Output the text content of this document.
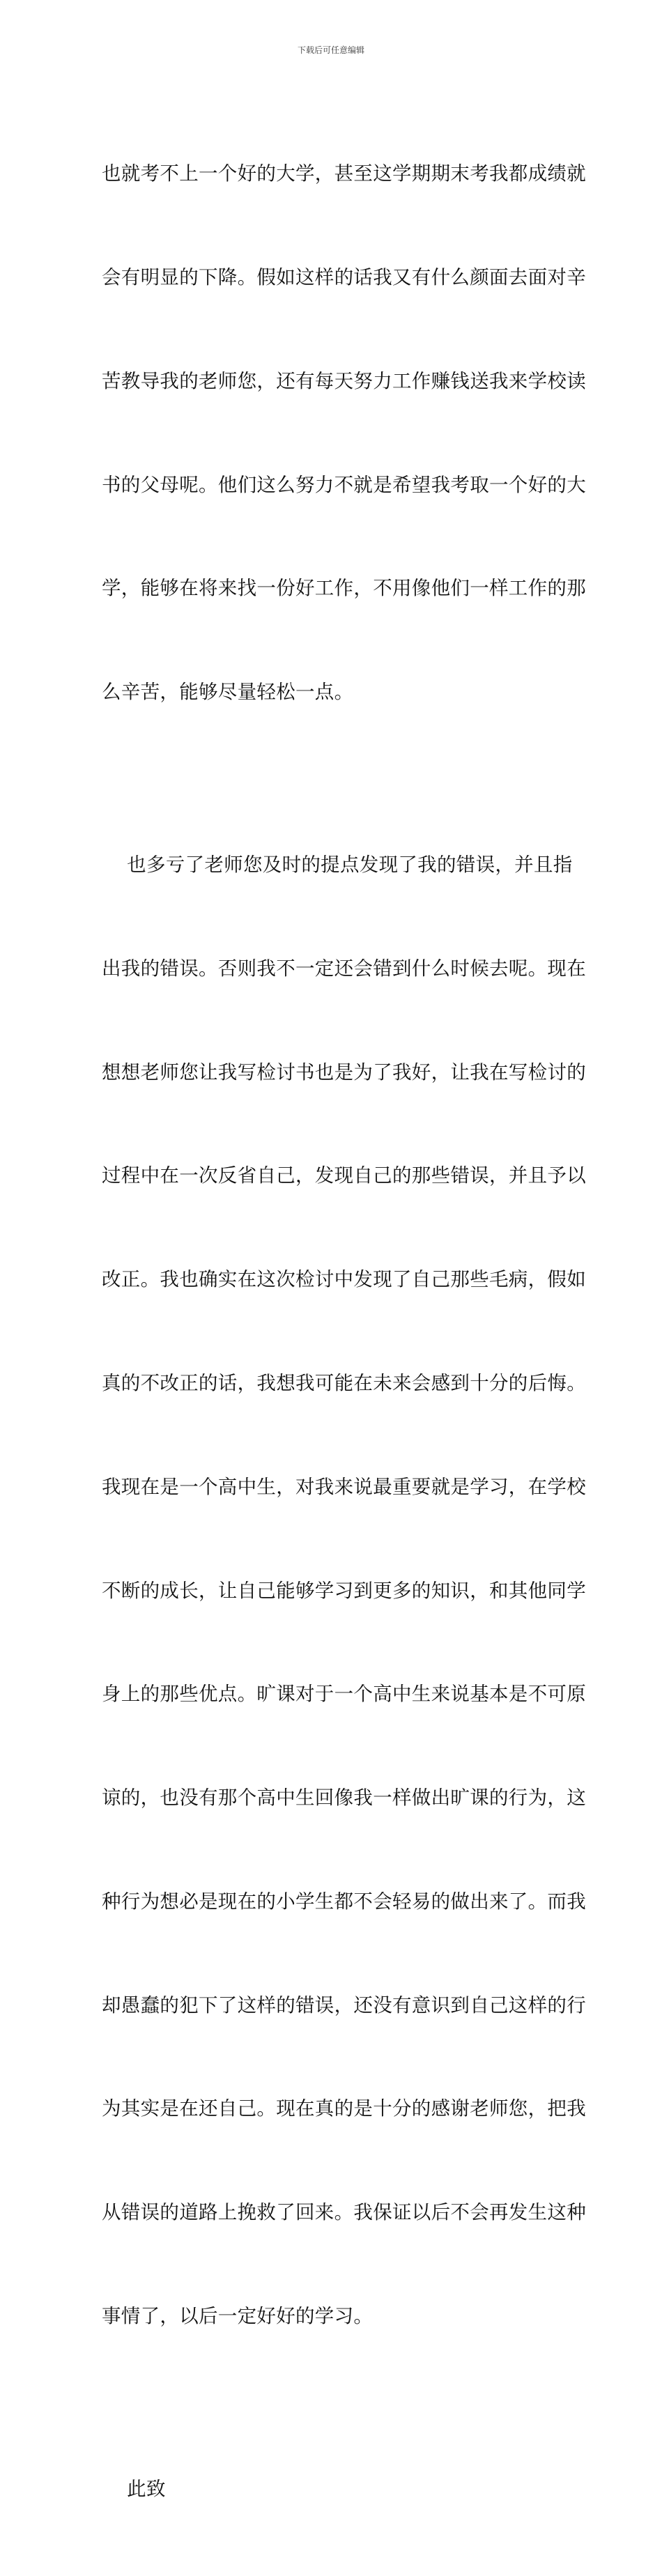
下载后可任意编辑

也就考不上一个好的大学，甚至这学期期末考我都成绩就

会有明显的下降。假如这样的话我又有什么颜面去面对辛

苦教导我的老师您，还有每天努力工作赚钱送我来学校读

书的父母呢。他们这么努力不就是希望我考取一个好的大

学，能够在将来找一份好工作，不用像他们一样工作的那

么辛苦，能够尽量轻松一点。

也多亏了老师您及时的提点发现了我的错误，并且指

出我的错误。否则我不一定还会错到什么时候去呢。现在

想想老师您让我写检讨书也是为了我好，让我在写检讨的

过程中在一次反省自己，发现自己的那些错误，并且予以

改正。我也确实在这次检讨中发现了自己那些毛病，假如

真的不改正的话，我想我可能在未来会感到十分的后悔。

我现在是一个高中生，对我来说最重要就是学习，在学校

不断的成长，让自己能够学习到更多的知识，和其他同学

身上的那些优点。旷课对于一个高中生来说基本是不可原

谅的，也没有那个高中生回像我一样做出旷课的行为，这

种行为想必是现在的小学生都不会轻易的做出来了。而我

却愚蠢的犯下了这样的错误，还没有意识到自己这样的行

为其实是在还自己。现在真的是十分的感谢老师您，把我

从错误的道路上挽救了回来。我保证以后不会再发生这种

事情了，以后一定好好的学习。

此致
